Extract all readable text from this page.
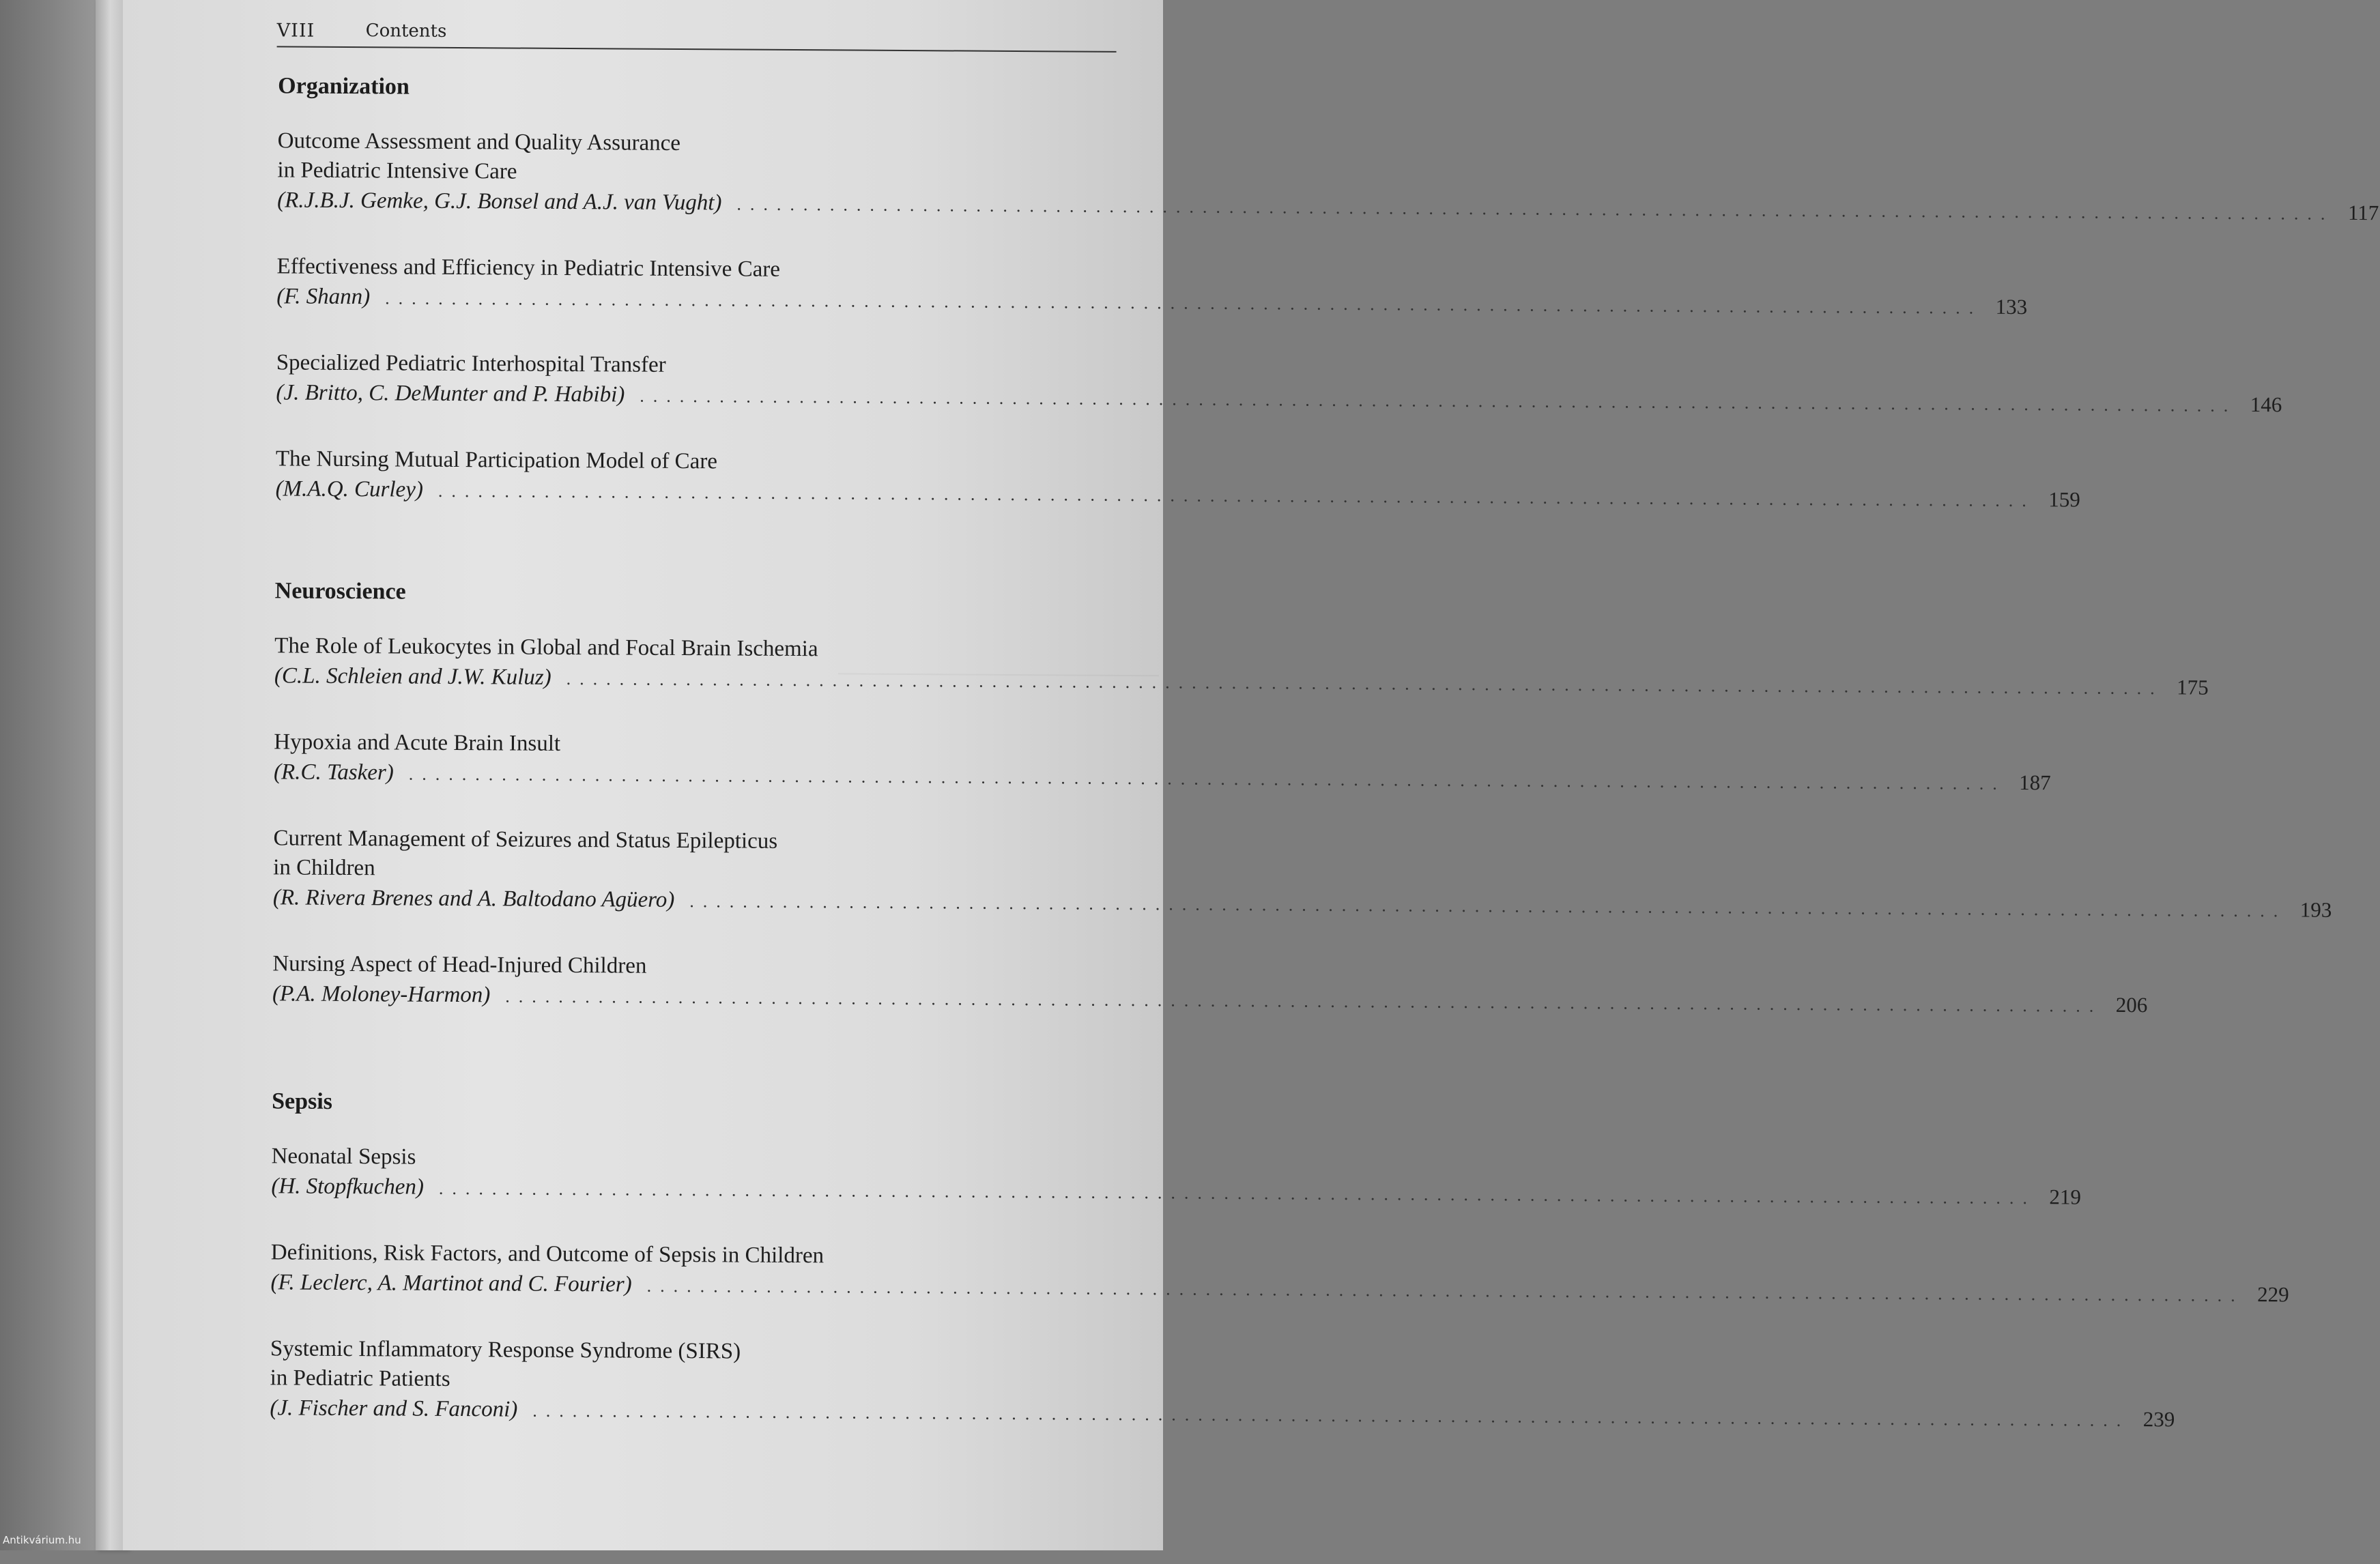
VIII	Contents
Organization
Outcome Assessment and Quality Assurance
in Pediatric Intensive Care
(R.J.B.J. Gemke, G.J. Bonsel and A.J. van Vught) ........................................................................................................................ 117
Effectiveness and Efficiency in Pediatric Intensive Care
(F. Shann) ........................................................................................................................ 133
Specialized Pediatric Interhospital Transfer
(J. Britto, C. DeMunter and P. Habibi) ........................................................................................................................ 146
The Nursing Mutual Participation Model of Care
(M.A.Q. Curley) ........................................................................................................................ 159
Neuroscience
The Role of Leukocytes in Global and Focal Brain Ischemia
(C.L. Schleien and J.W. Kuluz) ........................................................................................................................ 175
Hypoxia and Acute Brain Insult
(R.C. Tasker) ........................................................................................................................ 187
Current Management of Seizures and Status Epilepticus
in Children
(R. Rivera Brenes and A. Baltodano Agüero) ........................................................................................................................ 193
Nursing Aspect of Head-Injured Children
(P.A. Moloney-Harmon) ........................................................................................................................ 206
Sepsis
Neonatal Sepsis
(H. Stopfkuchen) ........................................................................................................................ 219
Definitions, Risk Factors, and Outcome of Sepsis in Children
(F. Leclerc, A. Martinot and C. Fourier) ........................................................................................................................ 229
Systemic Inflammatory Response Syndrome (SIRS)
in Pediatric Patients
(J. Fischer and S. Fanconi) ........................................................................................................................ 239
Antikvárium.hu
